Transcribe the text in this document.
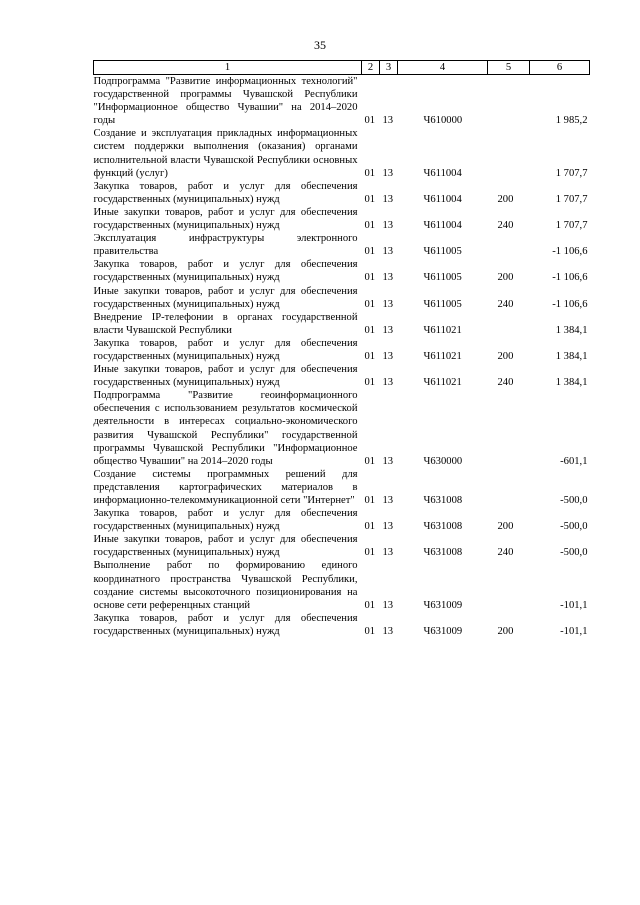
35
1	2	3	4	5	6
Подпрограмма "Развитие информационных технологий" государственной программы Чувашской Республики "Информационное общество Чувашии" на 2014–2020 годы	01	13	Ч610000		1 985,2
Создание и эксплуатация прикладных информационных систем поддержки выполнения (оказания) органами исполнительной власти Чувашской Республики основных функций (услуг)	01	13	Ч611004		1 707,7
Закупка товаров, работ и услуг для обеспечения государственных (муниципальных) нужд	01	13	Ч611004	200	1 707,7
Иные закупки товаров, работ и услуг для обеспечения государственных (муниципальных) нужд	01	13	Ч611004	240	1 707,7
Эксплуатация инфраструктуры электронного правительства	01	13	Ч611005		-1 106,6
Закупка товаров, работ и услуг для обеспечения государственных (муниципальных) нужд	01	13	Ч611005	200	-1 106,6
Иные закупки товаров, работ и услуг для обеспечения государственных (муниципальных) нужд	01	13	Ч611005	240	-1 106,6
Внедрение IP-телефонии в органах государственной власти Чувашской Республики	01	13	Ч611021		1 384,1
Закупка товаров, работ и услуг для обеспечения государственных (муниципальных) нужд	01	13	Ч611021	200	1 384,1
Иные закупки товаров, работ и услуг для обеспечения государственных (муниципальных) нужд	01	13	Ч611021	240	1 384,1
Подпрограмма "Развитие геоинформационного обеспечения с использованием результатов космической деятельности в интересах социально-экономического развития Чувашской Республики" государственной программы Чувашской Республики "Информационное общество Чувашии" на 2014–2020 годы	01	13	Ч630000		-601,1
Создание системы программных решений для представления картографических материалов в информационно-телекоммуникационной сети "Интернет"	01	13	Ч631008		-500,0
Закупка товаров, работ и услуг для обеспечения государственных (муниципальных) нужд	01	13	Ч631008	200	-500,0
Иные закупки товаров, работ и услуг для обеспечения государственных (муниципальных) нужд	01	13	Ч631008	240	-500,0
Выполнение работ по формированию единого координатного пространства Чувашской Республики, создание системы высокоточного позиционирования на основе сети референцных станций	01	13	Ч631009		-101,1
Закупка товаров, работ и услуг для обеспечения государственных (муниципальных) нужд	01	13	Ч631009	200	-101,1
